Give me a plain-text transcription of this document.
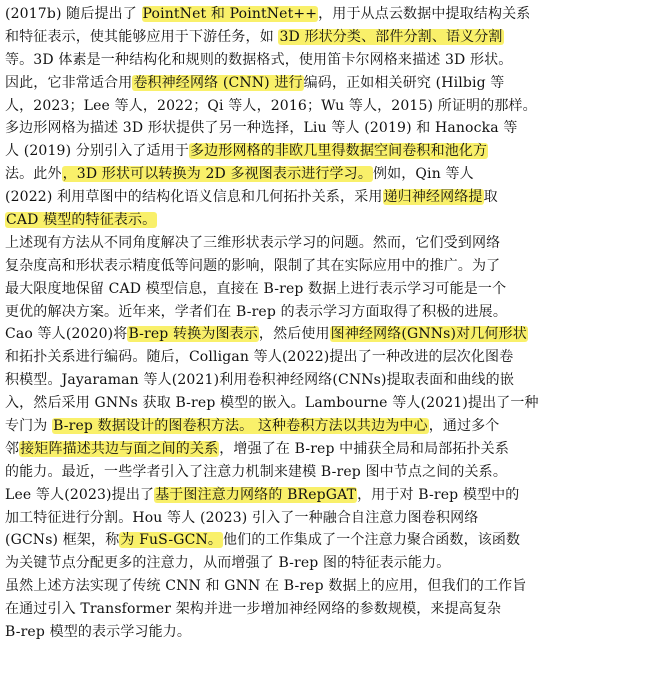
(2017b) 随后提出了 PointNet 和 PointNet++，用于从点云数据中提取结构关系
和特征表示，使其能够应用于下游任务，如 3D 形状分类、部件分割、语义分割
等。3D 体素是一种结构化和规则的数据格式，使用笛卡尔网格来描述 3D 形状。
因此，它非常适合用卷积神经网络 (CNN) 进行编码，正如相关研究 (Hilbig 等
人，2023；Lee 等人，2022；Qi 等人，2016；Wu 等人，2015) 所证明的那样。
多边形网格为描述 3D 形状提供了另一种选择，Liu 等人 (2019) 和 Hanocka 等
人 (2019) 分别引入了适用于多边形网格的非欧几里得数据空间卷积和池化方
法。此外，3D 形状可以转换为 2D 多视图表示进行学习。例如，Qin 等人
(2022) 利用草图中的结构化语义信息和几何拓扑关系，采用递归神经网络提取
CAD 模型的特征表示。
上述现有方法从不同角度解决了三维形状表示学习的问题。然而，它们受到网络
复杂度高和形状表示精度低等问题的影响，限制了其在实际应用中的推广。为了
最大限度地保留 CAD 模型信息，直接在 B-rep 数据上进行表示学习可能是一个
更优的解决方案。近年来，学者们在 B-rep 的表示学习方面取得了积极的进展。
Cao 等人(2020)将B-rep 转换为图表示，然后使用图神经网络(GNNs)对几何形状
和拓扑关系进行编码。随后，Colligan 等人(2022)提出了一种改进的层次化图卷
积模型。Jayaraman 等人(2021)利用卷积神经网络(CNNs)提取表面和曲线的嵌
入，然后采用 GNNs 获取 B-rep 模型的嵌入。Lambourne 等人(2021)提出了一种
专门为 B-rep 数据设计的图卷积方法。 这种卷积方法以共边为中心，通过多个
邻接矩阵描述共边与面之间的关系，增强了在 B-rep 中捕获全局和局部拓扑关系
的能力。最近，一些学者引入了注意力机制来建模 B-rep 图中节点之间的关系。
Lee 等人(2023)提出了基于图注意力网络的 BRepGAT，用于对 B-rep 模型中的
加工特征进行分割。Hou 等人 (2023) 引入了一种融合自注意力图卷积网络
(GCNs) 框架，称为 FuS-GCN。他们的工作集成了一个注意力聚合函数，该函数
为关键节点分配更多的注意力，从而增强了 B-rep 图的特征表示能力。
虽然上述方法实现了传统 CNN 和 GNN 在 B-rep 数据上的应用，但我们的工作旨
在通过引入 Transformer 架构并进一步增加神经网络的参数规模，来提高复杂
B-rep 模型的表示学习能力。
